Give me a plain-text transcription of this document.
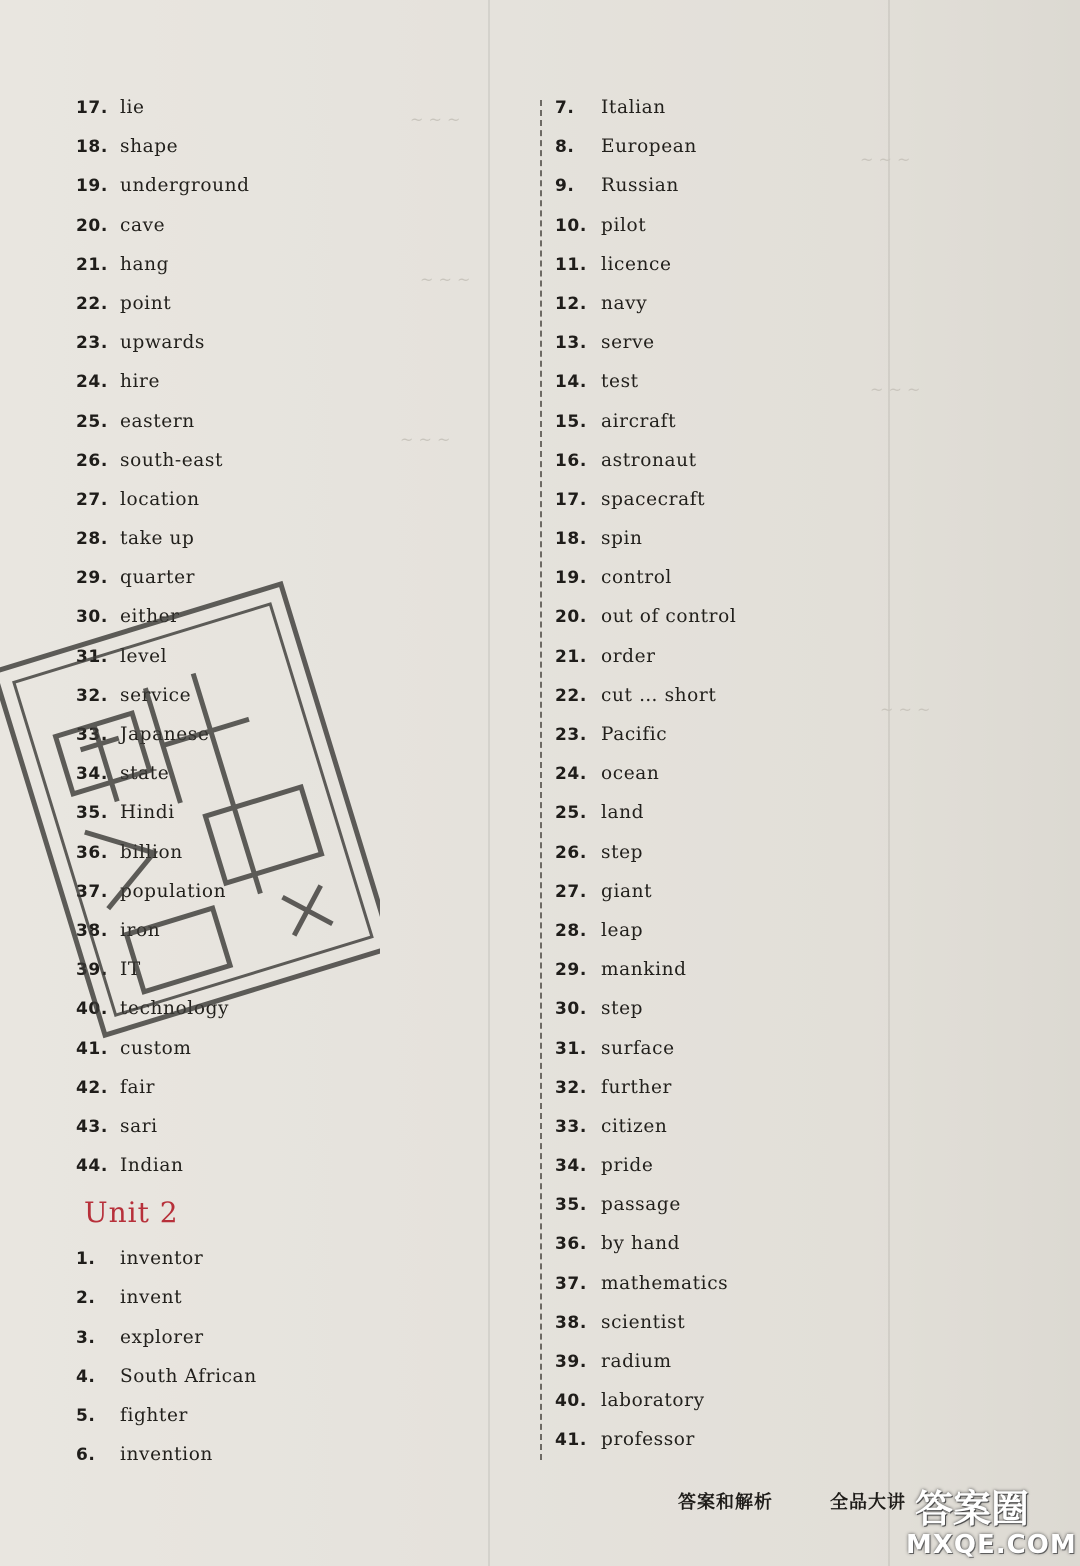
~ ~ ~
~ ~ ~
~ ~ ~
~ ~ ~
~ ~ ~
~ ~ ~
17. lie
18. shape
19. underground
20. cave
21. hang
22. point
23. upwards
24. hire
25. eastern
26. south-east
27. location
28. take up
29. quarter
30. either
31. level
32. service
33. Japanese
34. state
35. Hindi
36. billion
37. population
38. iron
39. IT
40. technology
41. custom
42. fair
43. sari
44. Indian
Unit 2
1.	inventor
2.	invent
3.	explorer
4.	South African
5.	fighter
6.	invention
7.	Italian
8.	European
9.	Russian
10. pilot
11. licence
12. navy
13. serve
14. test
15. aircraft
16. astronaut
17. spacecraft
18. spin
19. control
20. out of control
21. order
22. cut … short
23. Pacific
24. ocean
25. land
26. step
27. giant
28. leap
29. mankind
30. step
31. surface
32. further
33. citizen
34. pride
35. passage
36. by hand
37. mathematics
38. scientist
39. radium
40. laboratory
41. professor
答案和解析	全品大讲 答案圈
MXQE.COM
